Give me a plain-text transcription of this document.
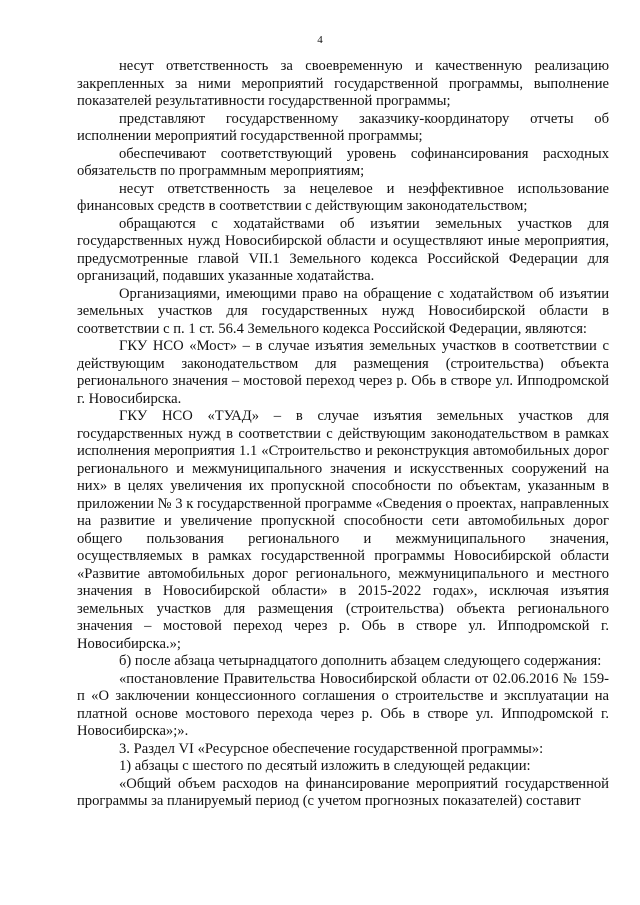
4

несут ответственность за своевременную и качественную реализацию закрепленных за ними мероприятий государственной программы, выполнение показателей результативности государственной программы;

представляют государственному заказчику-координатору отчеты об исполнении мероприятий государственной программы;

обеспечивают соответствующий уровень софинансирования расходных обязательств по программным мероприятиям;

несут ответственность за нецелевое и неэффективное использование финансовых средств в соответствии с действующим законодательством;

обращаются с ходатайствами об изъятии земельных участков для государственных нужд Новосибирской области и осуществляют иные мероприятия, предусмотренные главой VII.1 Земельного кодекса Российской Федерации для организаций, подавших указанные ходатайства.

Организациями, имеющими право на обращение с ходатайством об изъятии земельных участков для государственных нужд Новосибирской области в соответствии с п. 1 ст. 56.4 Земельного кодекса Российской Федерации, являются:

ГКУ НСО «Мост» – в случае изъятия земельных участков в соответствии с действующим законодательством для размещения (строительства) объекта регионального значения – мостовой переход через р. Обь в створе ул. Ипподромской г. Новосибирска.

ГКУ НСО «ТУАД» – в случае изъятия земельных участков для государственных нужд в соответствии с действующим законодательством в рамках исполнения мероприятия 1.1 «Строительство и реконструкция автомобильных дорог регионального и межмуниципального значения и искусственных сооружений на них» в целях увеличения их пропускной способности по объектам, указанным в приложении № 3 к государственной программе «Сведения о проектах, направленных на развитие и увеличение пропускной способности сети автомобильных дорог общего пользования регионального и межмуниципального значения, осуществляемых в рамках государственной программы Новосибирской области «Развитие автомобильных дорог регионального, межмуниципального и местного значения в Новосибирской области» в 2015-2022 годах», исключая изъятия земельных участков для размещения (строительства) объекта регионального значения – мостовой переход через р. Обь в створе ул. Ипподромской г. Новосибирска.»;

б) после абзаца четырнадцатого дополнить абзацем следующего содержания:

«постановление Правительства Новосибирской области от 02.06.2016 № 159-п «О заключении концессионного соглашения о строительстве и эксплуатации на платной основе мостового перехода через р. Обь в створе ул. Ипподромской г. Новосибирска»;».

3. Раздел VI «Ресурсное обеспечение государственной программы»:

1) абзацы с шестого по десятый изложить в следующей редакции:

«Общий объем расходов на финансирование мероприятий государственной программы за планируемый период (с учетом прогнозных показателей) составит
